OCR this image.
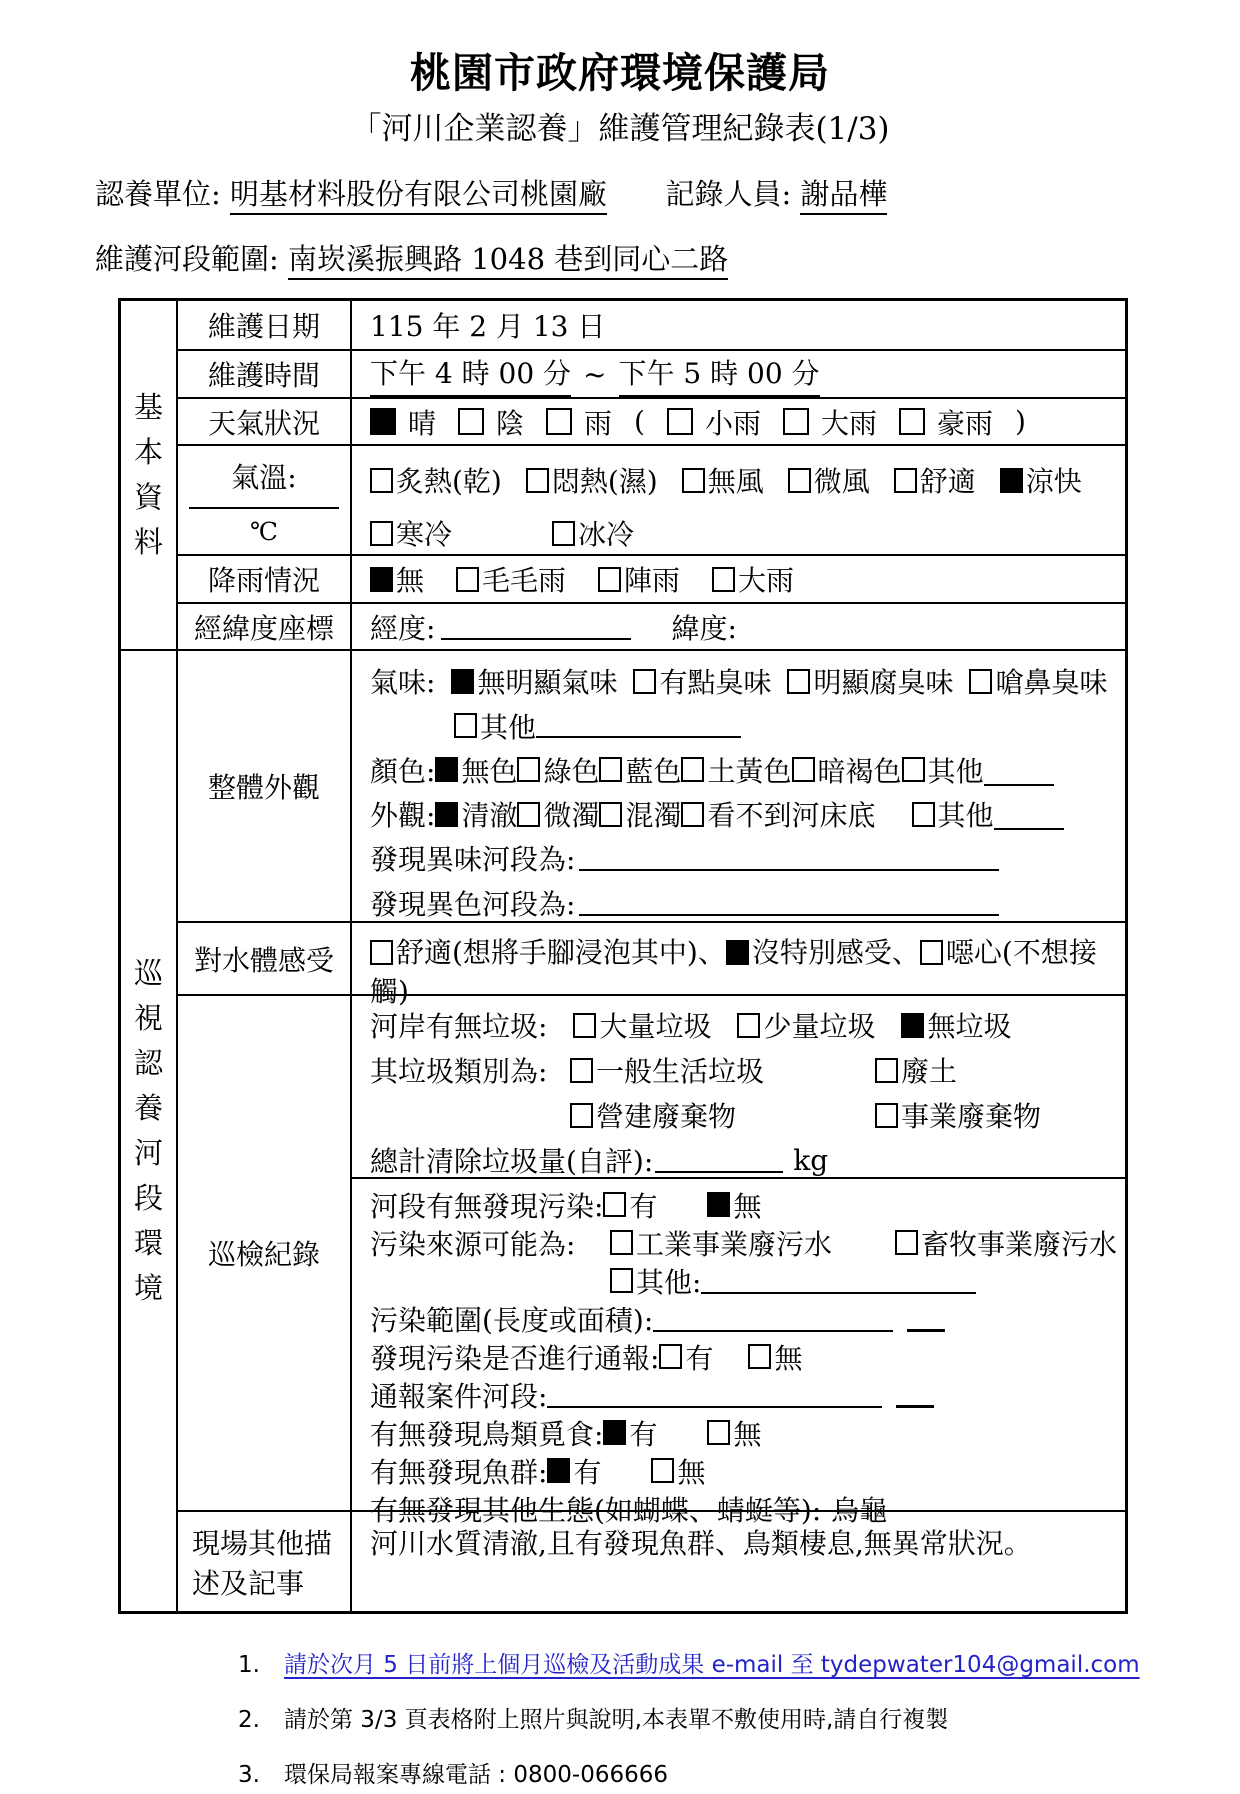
桃園市政府環境保護局
「河川企業認養」維護管理紀錄表(1/3)
認養單位: 明基材料股份有限公司桃園廠 記錄人員: 謝品樺
維護河段範圍: 南崁溪振興路 1048 巷到同心二路
基本資料
維護日期	115 年 2 月 13 日
維護時間	下午 4 時 00 分 ~ 下午 5 時 00 分
天氣狀況	晴 陰 雨 ( 小雨 大雨 豪雨 )
氣溫:
℃
炙熱(乾) 悶熱(濕) 無風 微風 舒適 涼快
寒冷	冰冷
降雨情況	無 毛毛雨 陣雨 大雨
經緯度座標	經度:	緯度:
巡視認養河段環境
整體外觀
氣味: 無明顯氣味 有點臭味 明顯腐臭味 嗆鼻臭味
其他
顏色: 無色 綠色 藍色 土黃色 暗褐色 其他
外觀: 清澈 微濁 混濁 看不到河床底 其他
發現異味河段為:
發現異色河段為:
對水體感受	舒適(想將手腳浸泡其中)、 沒特別感受、 噁心(不想接觸)
巡檢紀錄
河岸有無垃圾: 大量垃圾 少量垃圾 無垃圾
其垃圾類別為:	一般生活垃圾	廢土
營建廢棄物	事業廢棄物
總計清除垃圾量(自評):	kg
河段有無發現污染: 有	無
污染來源可能為:	工業事業廢污水	畜牧事業廢污水
其他:
污染範圍(長度或面積):
發現污染是否進行通報: 有 無
通報案件河段:
有無發現鳥類覓食: 有	無
有無發現魚群: 有	無
有無發現其他生態(如蝴蝶、蜻蜓等): 烏龜
現場其他描述及記事
河川水質清澈,且有發現魚群、鳥類棲息,無異常狀況。
1.	請於次月 5 日前將上個月巡檢及活動成果 e-mail 至 tydepwater104@gmail.com
2.	請於第 3/3 頁表格附上照片與說明,本表單不敷使用時,請自行複製
3.	環保局報案專線電話 : 0800-066666
